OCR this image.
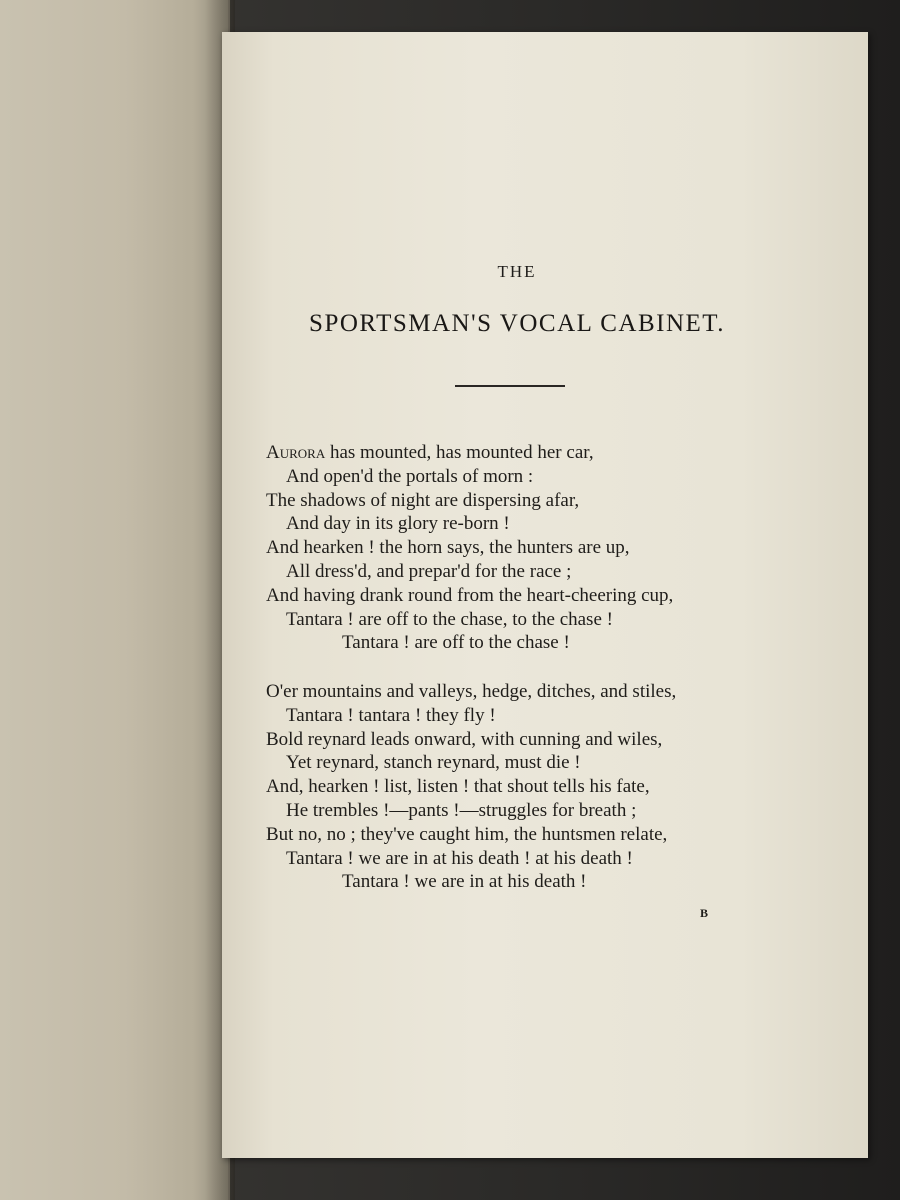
THE
SPORTSMAN'S VOCAL CABINET.
Aurora has mounted, has mounted her car,
And open'd the portals of morn :
The shadows of night are dispersing afar,
And day in its glory re-born !
And hearken ! the horn says, the hunters are up,
All dress'd, and prepar'd for the race ;
And having drank round from the heart-cheering cup,
Tantara ! are off to the chase, to the chase !
Tantara ! are off to the chase !
O'er mountains and valleys, hedge, ditches, and stiles,
Tantara ! tantara ! they fly !
Bold reynard leads onward, with cunning and wiles,
Yet reynard, stanch reynard, must die !
And, hearken ! list, listen ! that shout tells his fate,
He trembles !—pants !—struggles for breath ;
But no, no ; they've caught him, the huntsmen relate,
Tantara ! we are in at his death ! at his death !
Tantara ! we are in at his death !
B
